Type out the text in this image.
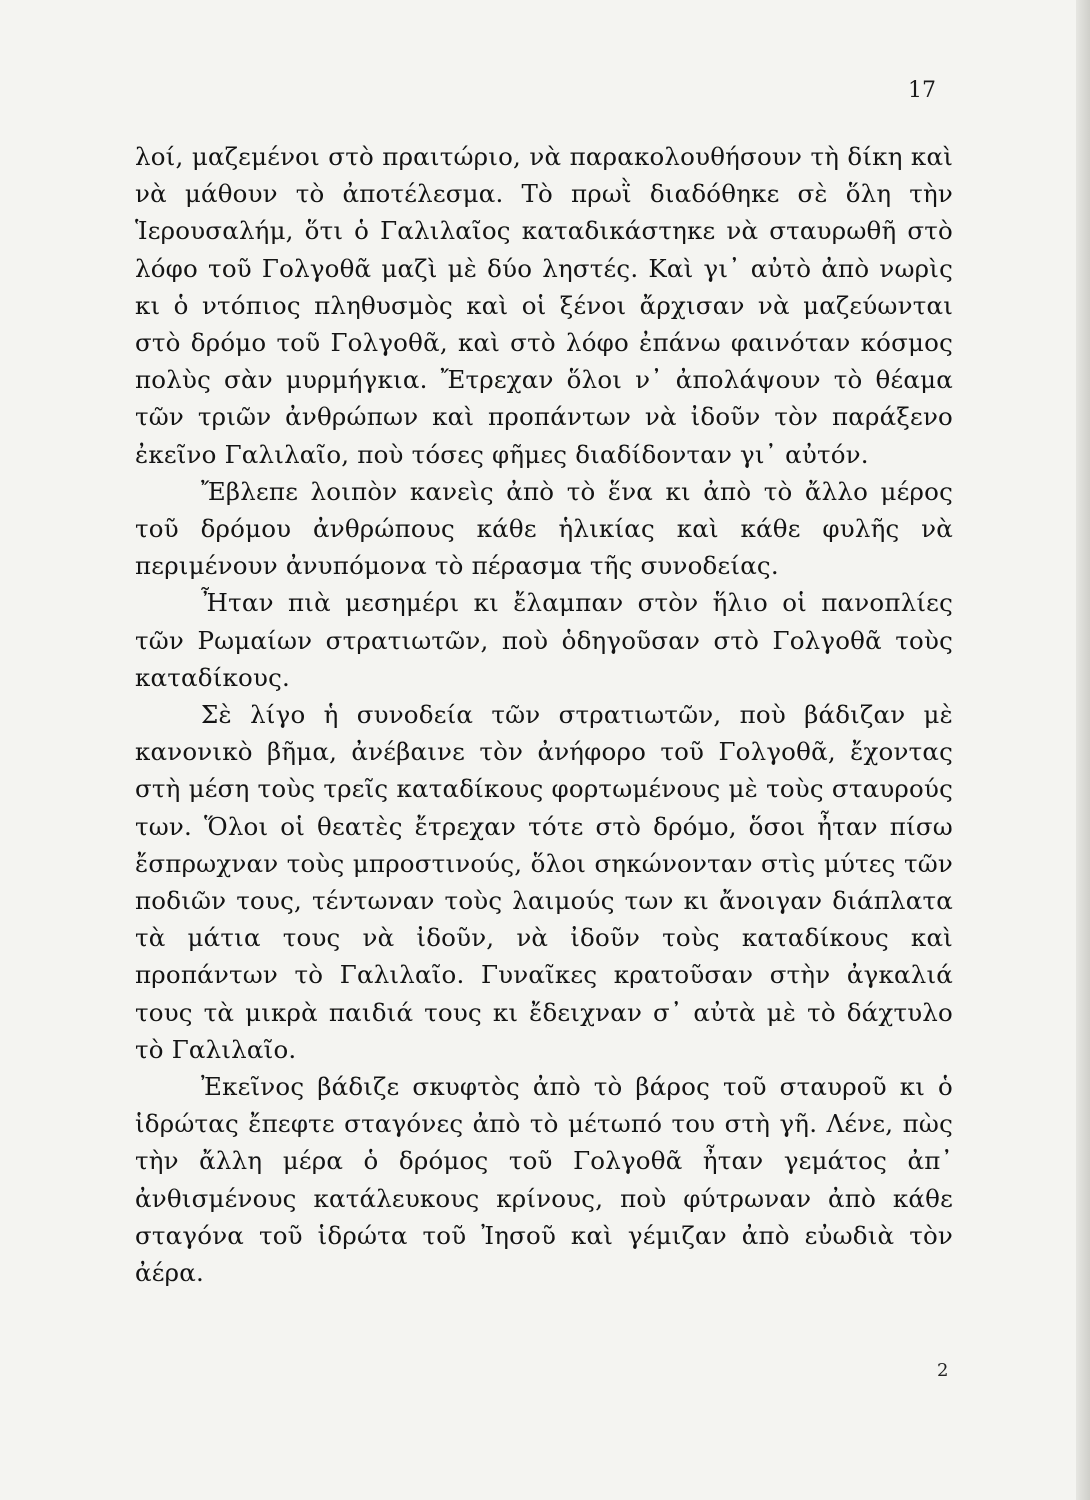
17

λοί, μαζεμένοι στὸ πραιτώριο, νὰ παρακολουθήσουν τὴ δίκη καὶ νὰ μάθουν τὸ ἀποτέλεσμα. Τὸ πρωῒ διαδόθηκε σὲ ὅλη τὴν Ἱερουσαλήμ, ὅτι ὁ Γαλιλαῖος καταδικάστηκε νὰ σταυρωθῆ στὸ λόφο τοῦ Γολγοθᾶ μαζὶ μὲ δύο ληστές. Καὶ γι᾿ αὐτὸ ἀπὸ νωρὶς κι ὁ ντόπιος πληθυσμὸς καὶ οἱ ξένοι ἄρχισαν νὰ μαζεύωνται στὸ δρόμο τοῦ Γολγοθᾶ, καὶ στὸ λόφο ἐπάνω φαινόταν κόσμος πολὺς σὰν μυρμήγκια. Ἔτρεχαν ὅλοι ν᾿ ἀπολάψουν τὸ θέαμα τῶν τριῶν ἀνθρώπων καὶ προπάντων νὰ ἰδοῦν τὸν παράξενο ἐκεῖνο Γαλιλαῖο, ποὺ τόσες φῆμες διαδίδονταν γι᾿ αὐτόν.

Ἔβλεπε λοιπὸν κανεὶς ἀπὸ τὸ ἕνα κι ἀπὸ τὸ ἄλλο μέρος τοῦ δρόμου ἀνθρώπους κάθε ἡλικίας καὶ κάθε φυλῆς νὰ περιμένουν ἀνυπόμονα τὸ πέρασμα τῆς συνοδείας.

Ἦταν πιὰ μεσημέρι κι ἔλαμπαν στὸν ἥλιο οἱ πανοπλίες τῶν Ρωμαίων στρατιωτῶν, ποὺ ὁδηγοῦσαν στὸ Γολγοθᾶ τοὺς καταδίκους.

Σὲ λίγο ἡ συνοδεία τῶν στρατιωτῶν, ποὺ βάδιζαν μὲ κανονικὸ βῆμα, ἀνέβαινε τὸν ἀνήφορο τοῦ Γολγοθᾶ, ἔχοντας στὴ μέση τοὺς τρεῖς καταδίκους φορτωμένους μὲ τοὺς σταυρούς των. Ὅλοι οἱ θεατὲς ἔτρεχαν τότε στὸ δρόμο, ὅσοι ἦταν πίσω ἔσπρωχναν τοὺς μπροστινούς, ὅλοι σηκώνονταν στὶς μύτες τῶν ποδιῶν τους, τέντωναν τοὺς λαιμούς των κι ἄνοιγαν διάπλατα τὰ μάτια τους νὰ ἰδοῦν, νὰ ἰδοῦν τοὺς καταδίκους καὶ προπάντων τὸ Γαλιλαῖο. Γυναῖκες κρατοῦσαν στὴν ἀγκαλιά τους τὰ μικρὰ παιδιά τους κι ἔδειχναν σ᾿ αὐτὰ μὲ τὸ δάχτυλο τὸ Γαλιλαῖο.

Ἐκεῖνος βάδιζε σκυφτὸς ἀπὸ τὸ βάρος τοῦ σταυροῦ κι ὁ ἱδρώτας ἔπεφτε σταγόνες ἀπὸ τὸ μέτωπό του στὴ γῆ. Λένε, πὼς τὴν ἄλλη μέρα ὁ δρόμος τοῦ Γολγοθᾶ ἦταν γεμάτος ἀπ᾿ ἀνθισμένους κατάλευκους κρίνους, ποὺ φύτρωναν ἀπὸ κάθε σταγόνα τοῦ ἱδρώτα τοῦ Ἰησοῦ καὶ γέμιζαν ἀπὸ εὐωδιὰ τὸν ἀέρα.

2
